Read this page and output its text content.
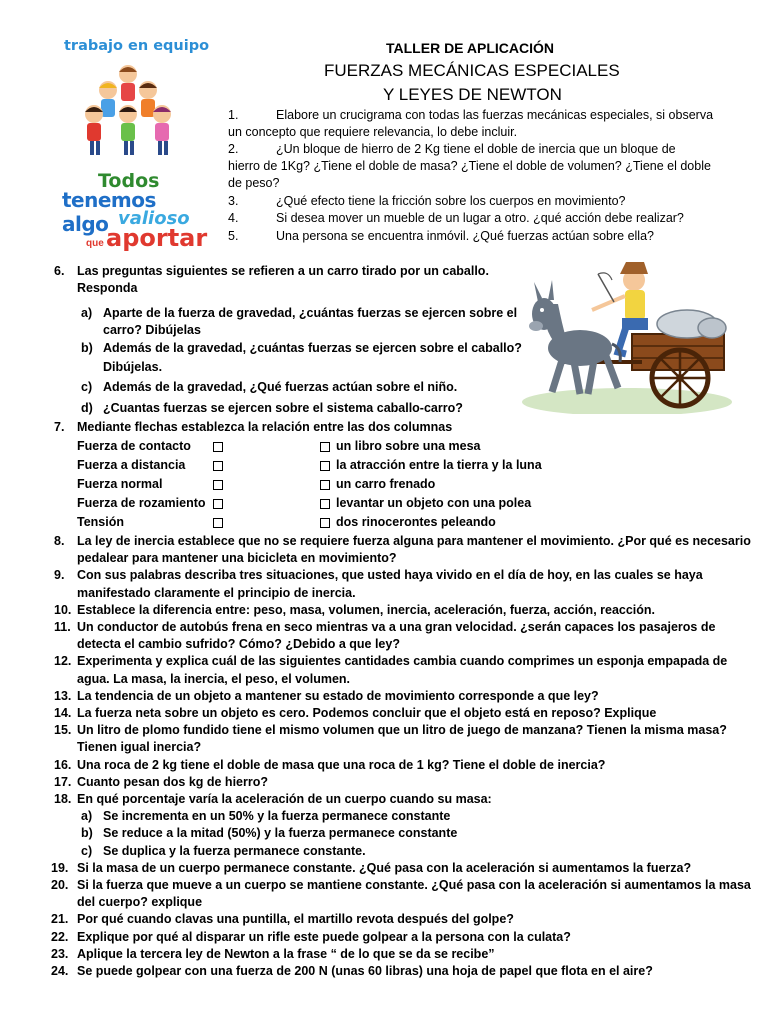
trabajo en equipo
Todos
tenemos algo valioso
que aportar
TALLER DE APLICACIÓN
FUERZAS MECÁNICAS ESPECIALES
Y LEYES DE NEWTON
1.	Elabore un crucigrama con todas las fuerzas mecánicas especiales, si observa
un concepto que requiere relevancia, lo debe incluir.
2.	¿Un bloque de hierro de 2 Kg tiene el doble de inercia que un bloque de
hierro de 1Kg? ¿Tiene el doble de masa? ¿Tiene el doble de volumen? ¿Tiene el doble
de peso?
3.	¿Qué efecto tiene la fricción sobre los cuerpos en movimiento?
4.	Si desea mover un mueble de un lugar a otro. ¿qué acción debe realizar?
5.	Una persona se encuentra inmóvil. ¿Qué fuerzas actúan sobre ella?
6. Las preguntas siguientes se refieren a un carro tirado por un caballo.
Responda
a) Aparte de la fuerza de gravedad, ¿cuántas fuerzas se ejercen sobre el
carro? Dibújelas
b) Además de la gravedad, ¿cuántas fuerzas se ejercen sobre el caballo?
Dibújelas.
c) Además de la gravedad, ¿Qué fuerzas actúan sobre el niño.
d) ¿Cuantas fuerzas se ejercen sobre el sistema caballo-carro?
7. Mediante flechas establezca la relación entre las dos columnas
Fuerza de contacto	un libro sobre una mesa
Fuerza a distancia	la atracción entre la tierra y la luna
Fuerza normal	un carro frenado
Fuerza de rozamiento	levantar un objeto con una polea
Tensión	dos rinocerontes peleando
8. La ley de inercia establece que no se requiere fuerza alguna para mantener el movimiento. ¿Por qué es necesario
pedalear para mantener una bicicleta en movimiento?
9. Con sus palabras describa tres situaciones, que usted haya vivido en el día de hoy, en las cuales se haya
manifestado claramente el principio de inercia.
10. Establece la diferencia entre: peso, masa, volumen, inercia, aceleración, fuerza, acción, reacción.
11. Un conductor de autobús frena en seco mientras va a una gran velocidad. ¿serán capaces los pasajeros de
detecta el cambio sufrido? Cómo? ¿Debido a que ley?
12. Experimenta y explica cuál de las siguientes cantidades cambia cuando comprimes un esponja empapada de
agua. La masa, la inercia, el peso, el volumen.
13. La tendencia de un objeto a mantener su estado de movimiento corresponde a que ley?
14. La fuerza neta sobre un objeto es cero. Podemos concluir que el objeto está en reposo? Explique
15. Un litro de plomo fundido tiene el mismo volumen que un litro de juego de manzana? Tienen la misma masa?
Tienen igual inercia?
16. Una roca de 2 kg tiene el doble de masa que una roca de 1 kg? Tiene el doble de inercia?
17. Cuanto pesan dos kg de hierro?
18. En qué porcentaje varía la aceleración de un cuerpo cuando su masa:
a) Se incrementa en un 50% y la fuerza permanece constante
b) Se reduce a la mitad (50%) y la fuerza permanece constante
c) Se duplica y la fuerza permanece constante.
19. Si la masa de un cuerpo permanece constante. ¿Qué pasa con la aceleración si aumentamos la fuerza?
20. Si la fuerza que mueve a un cuerpo se mantiene constante. ¿Qué pasa con la aceleración si aumentamos la masa
del cuerpo? explique
21. Por qué cuando clavas una puntilla, el martillo revota después del golpe?
22. Explique por qué al disparar un rifle este puede golpear a la persona con la culata?
23. Aplique la tercera ley de Newton a la frase “ de lo que se da se recibe”
24. Se puede golpear con una fuerza de 200 N (unas 60 libras) una hoja de papel que flota en el aire?
